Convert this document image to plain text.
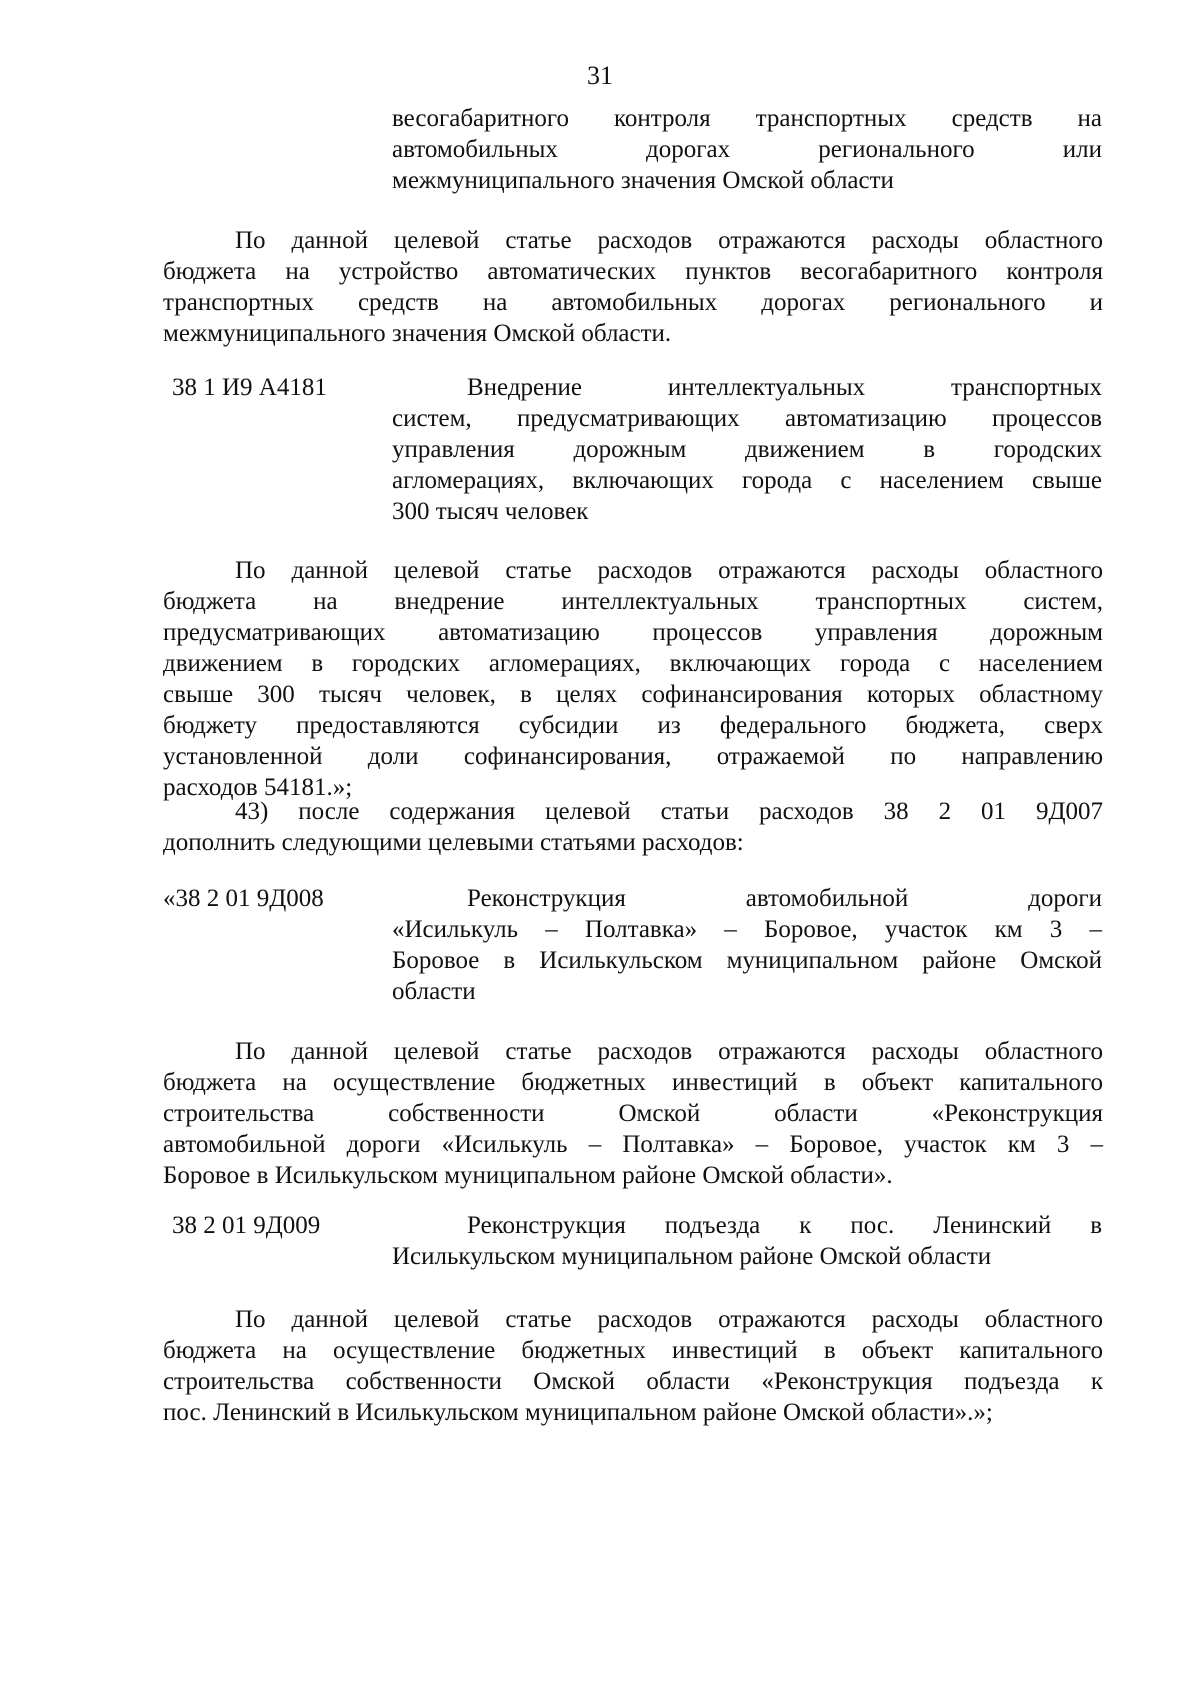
31
весогабаритного контроля транспортных средств на
автомобильных дорогах регионального или
межмуниципального значения Омской области
По данной целевой статье расходов отражаются расходы областного
бюджета на устройство автоматических пунктов весогабаритного контроля
транспортных средств на автомобильных дорогах регионального и
межмуниципального значения Омской области.
38 1 И9 А4181	Внедрение интеллектуальных транспортных
систем, предусматривающих автоматизацию процессов
управления дорожным движением в городских
агломерациях, включающих города с населением свыше
300 тысяч человек
По данной целевой статье расходов отражаются расходы областного
бюджета на внедрение интеллектуальных транспортных систем,
предусматривающих автоматизацию процессов управления дорожным
движением в городских агломерациях, включающих города с населением
свыше 300 тысяч человек, в целях софинансирования которых областному
бюджету предоставляются субсидии из федерального бюджета, сверх
установленной доли софинансирования, отражаемой по направлению
расходов 54181.»;
43) после содержания целевой статьи расходов 38 2 01 9Д007
дополнить следующими целевыми статьями расходов:
«38 2 01 9Д008	Реконструкция автомобильной дороги
«Исилькуль – Полтавка» – Боровое, участок км 3 –
Боровое в Исилькульском муниципальном районе Омской
области
По данной целевой статье расходов отражаются расходы областного
бюджета на осуществление бюджетных инвестиций в объект капитального
строительства собственности Омской области «Реконструкция
автомобильной дороги «Исилькуль – Полтавка» – Боровое, участок км 3 –
Боровое в Исилькульском муниципальном районе Омской области».
38 2 01 9Д009	Реконструкция подъезда к пос. Ленинский в
Исилькульском муниципальном районе Омской области
По данной целевой статье расходов отражаются расходы областного
бюджета на осуществление бюджетных инвестиций в объект капитального
строительства собственности Омской области «Реконструкция подъезда к
пос. Ленинский в Исилькульском муниципальном районе Омской области».»;
